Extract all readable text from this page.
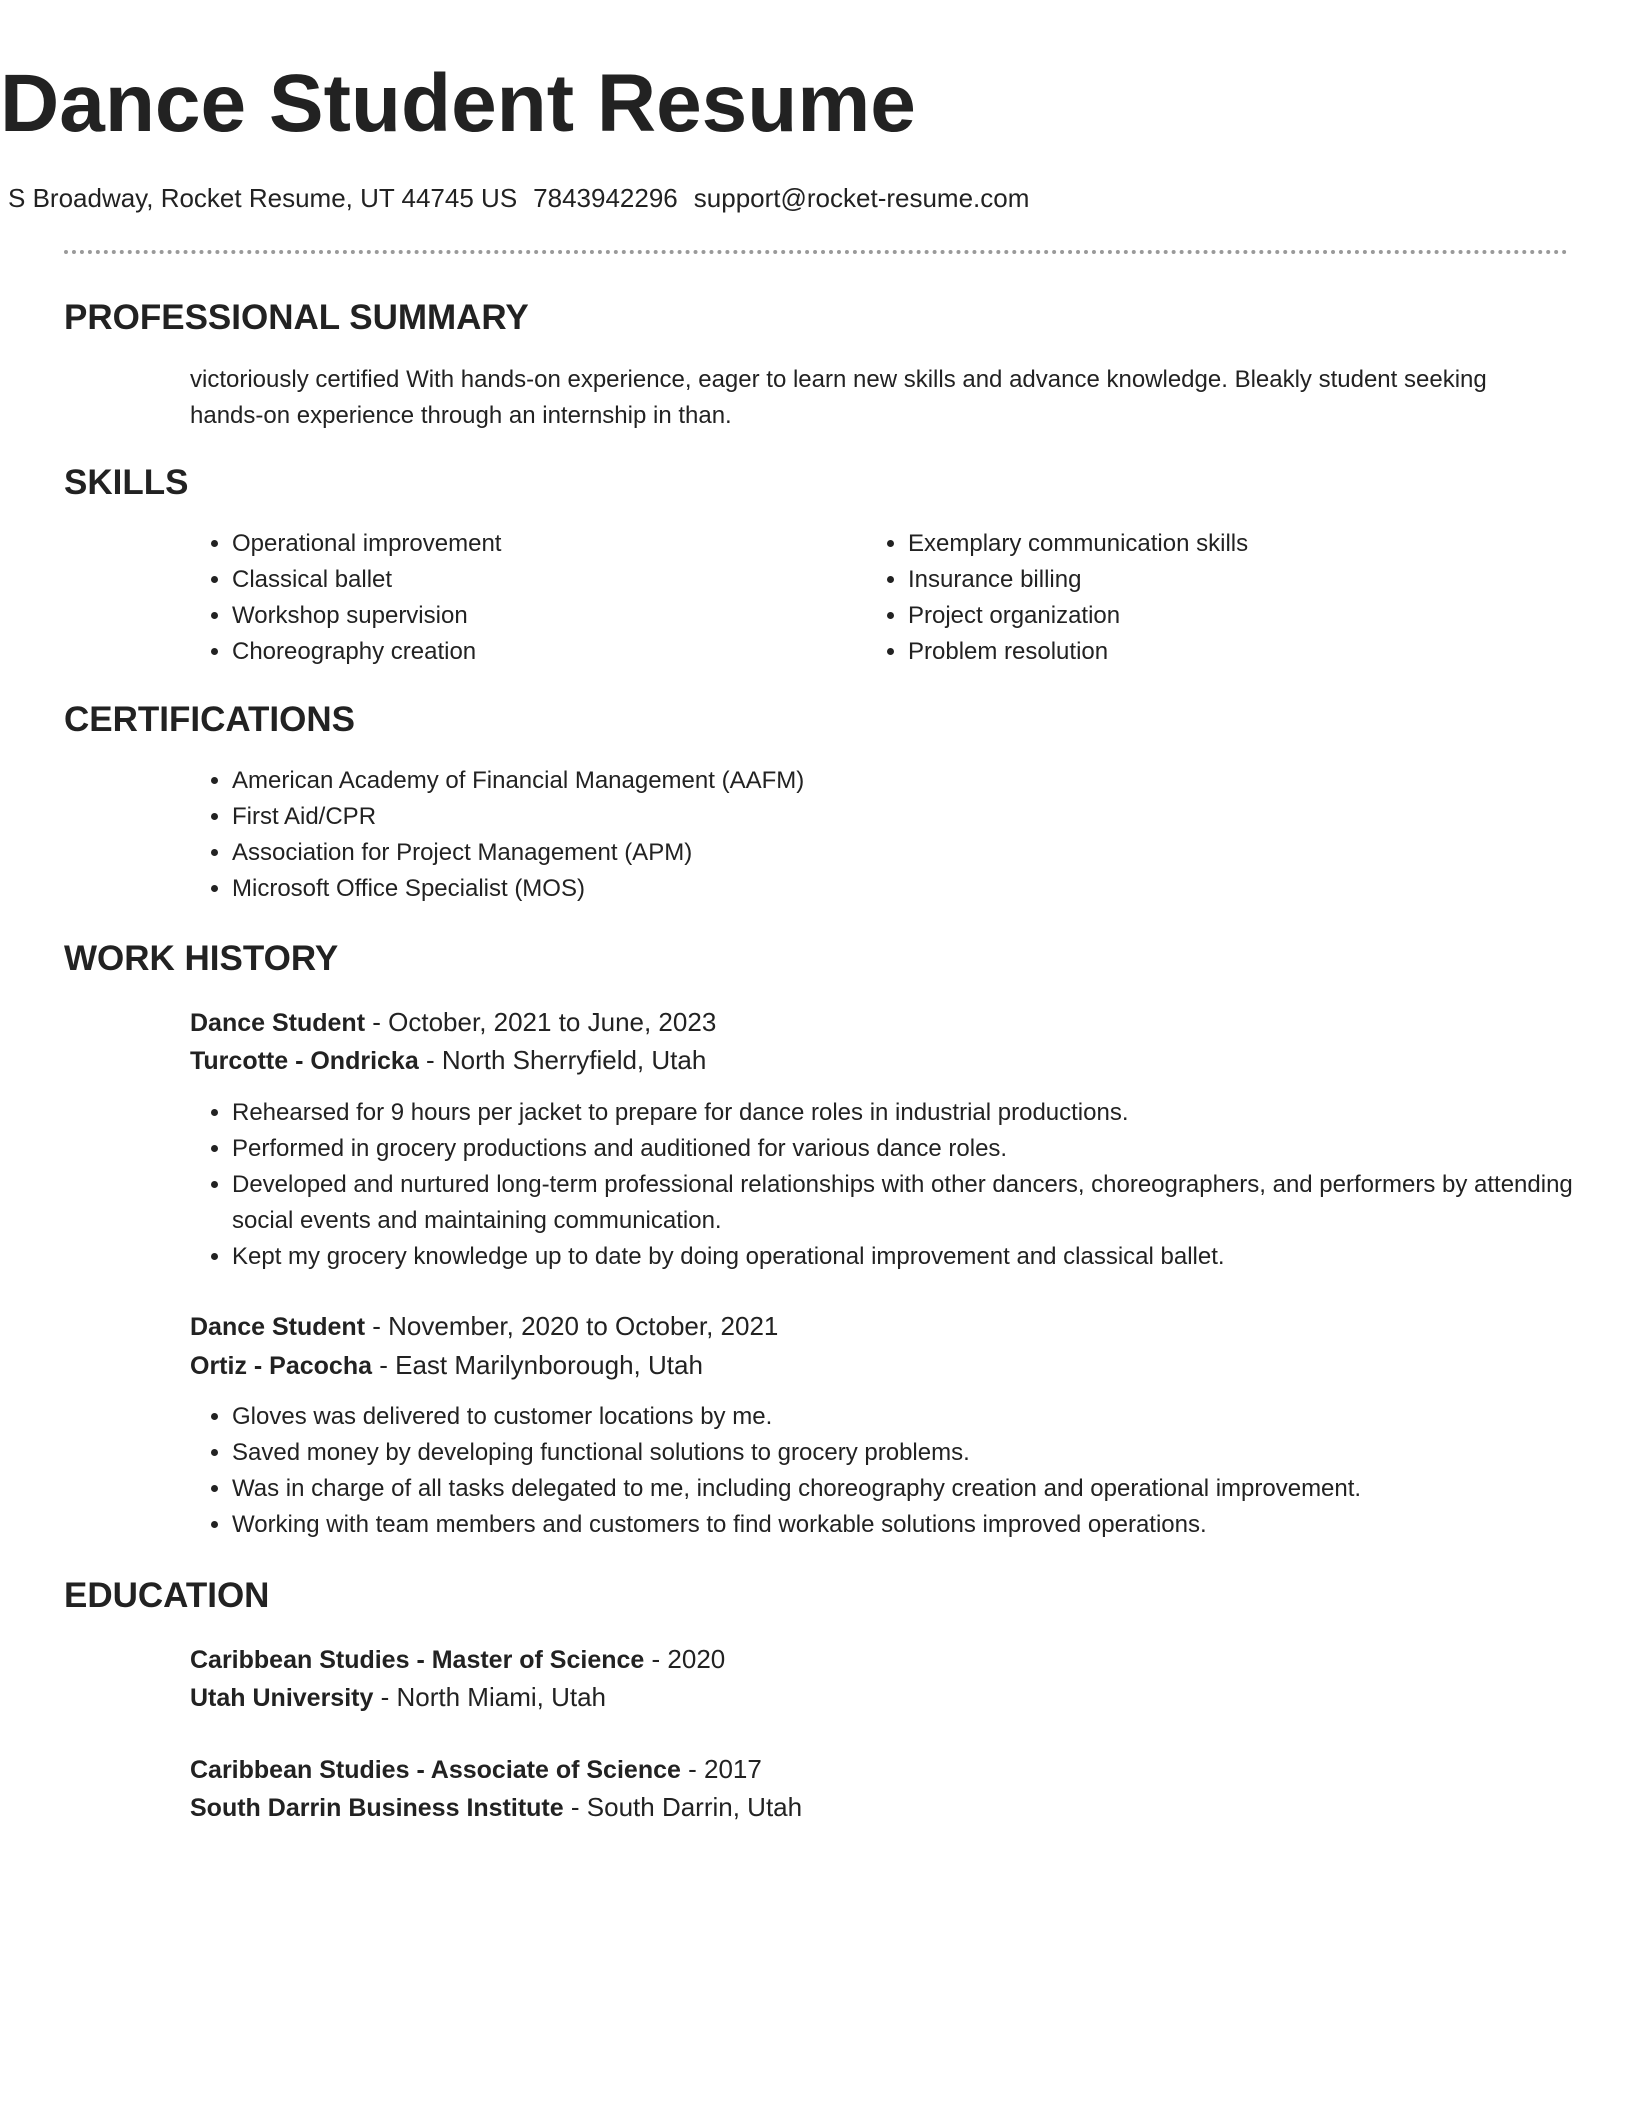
Dance Student Resume
S Broadway, Rocket Resume, UT 44745 US 7843942296 support@rocket-resume.com
PROFESSIONAL SUMMARY

victoriously certified With hands-on experience, eager to learn new skills and advance knowledge. Bleakly student seeking hands-on experience through an internship in than.

SKILLS
• Operational improvement
• Classical ballet
• Workshop supervision
• Choreography creation
• Exemplary communication skills
• Insurance billing
• Project organization
• Problem resolution
CERTIFICATIONS
• American Academy of Financial Management (AAFM)
• First Aid/CPR
• Association for Project Management (APM)
• Microsoft Office Specialist (MOS)
WORK HISTORY
Dance Student - October, 2021 to June, 2023
Turcotte - Ondricka - North Sherryfield, Utah
• Rehearsed for 9 hours per jacket to prepare for dance roles in industrial productions.
• Performed in grocery productions and auditioned for various dance roles.
• Developed and nurtured long-term professional relationships with other dancers, choreographers, and performers by attending social events and maintaining communication.
• Kept my grocery knowledge up to date by doing operational improvement and classical ballet.
Dance Student - November, 2020 to October, 2021
Ortiz - Pacocha - East Marilynborough, Utah
• Gloves was delivered to customer locations by me.
• Saved money by developing functional solutions to grocery problems.
• Was in charge of all tasks delegated to me, including choreography creation and operational improvement.
• Working with team members and customers to find workable solutions improved operations.
EDUCATION
Caribbean Studies - Master of Science - 2020
Utah University - North Miami, Utah
Caribbean Studies - Associate of Science - 2017
South Darrin Business Institute - South Darrin, Utah
